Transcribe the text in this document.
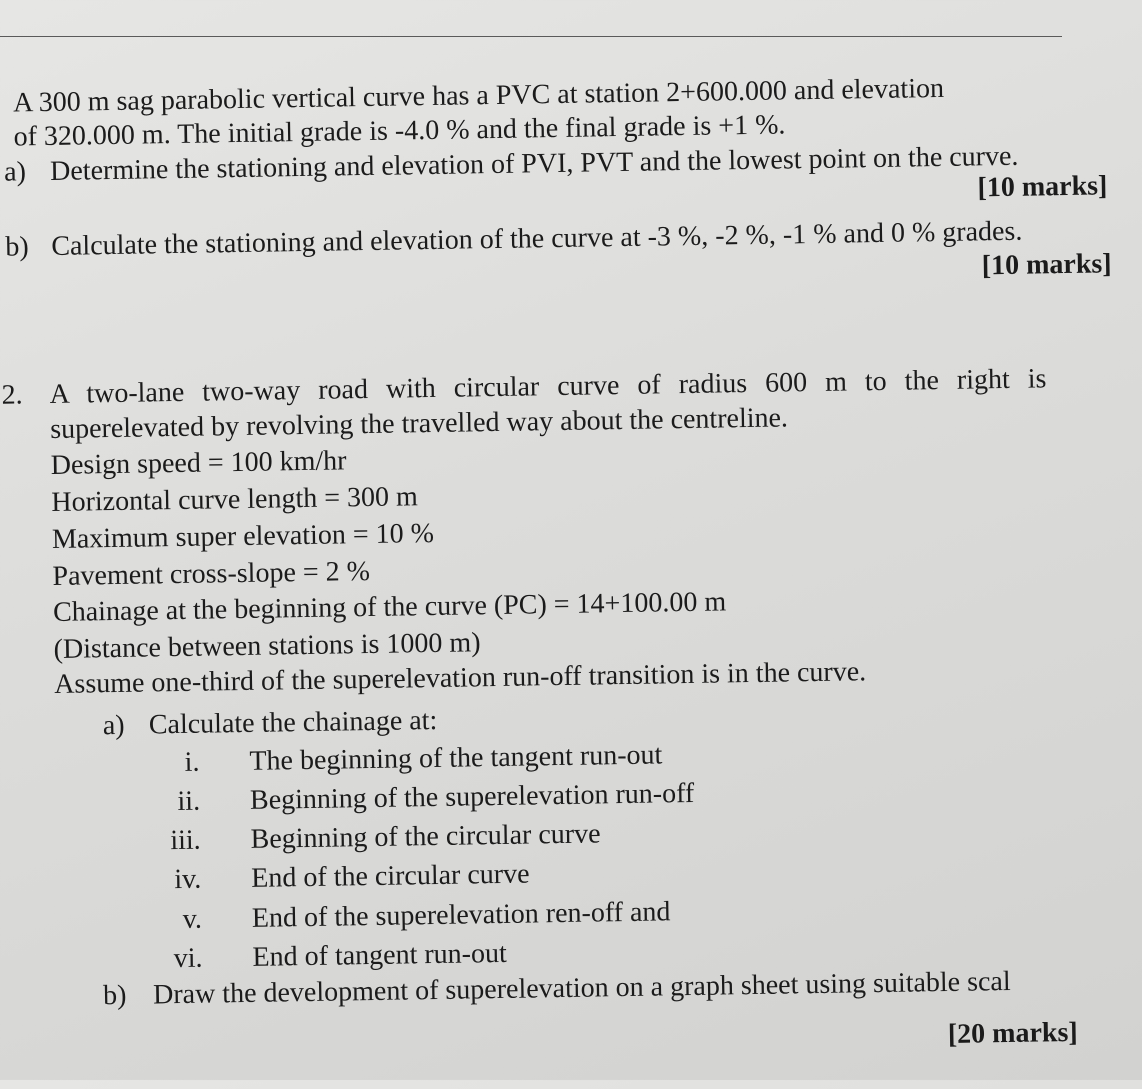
A 300 m sag parabolic vertical curve has a PVC at station 2+600.000 and elevation
of 320.000 m. The initial grade is -4.0 % and the final grade is +1 %.
a) Determine the stationing and elevation of PVI, PVT and the lowest point on the curve.
[10 marks]
b) Calculate the stationing and elevation of the curve at -3 %, -2 %, -1 % and 0 % grades.
[10 marks]
2. A two-lane two-way road with circular curve of radius 600 m to the right is
superelevated by revolving the travelled way about the centreline.
Design speed = 100 km/hr
Horizontal curve length = 300 m
Maximum super elevation = 10 %
Pavement cross-slope = 2 %
Chainage at the beginning of the curve (PC) = 14+100.00 m
(Distance between stations is 1000 m)
Assume one-third of the superelevation run-off transition is in the curve.
a) Calculate the chainage at:
i. The beginning of the tangent run-out
ii. Beginning of the superelevation run-off
iii. Beginning of the circular curve
iv. End of the circular curve
v. End of the superelevation ren-off and
vi. End of tangent run-out
b) Draw the development of superelevation on a graph sheet using suitable scal
[20 marks]
